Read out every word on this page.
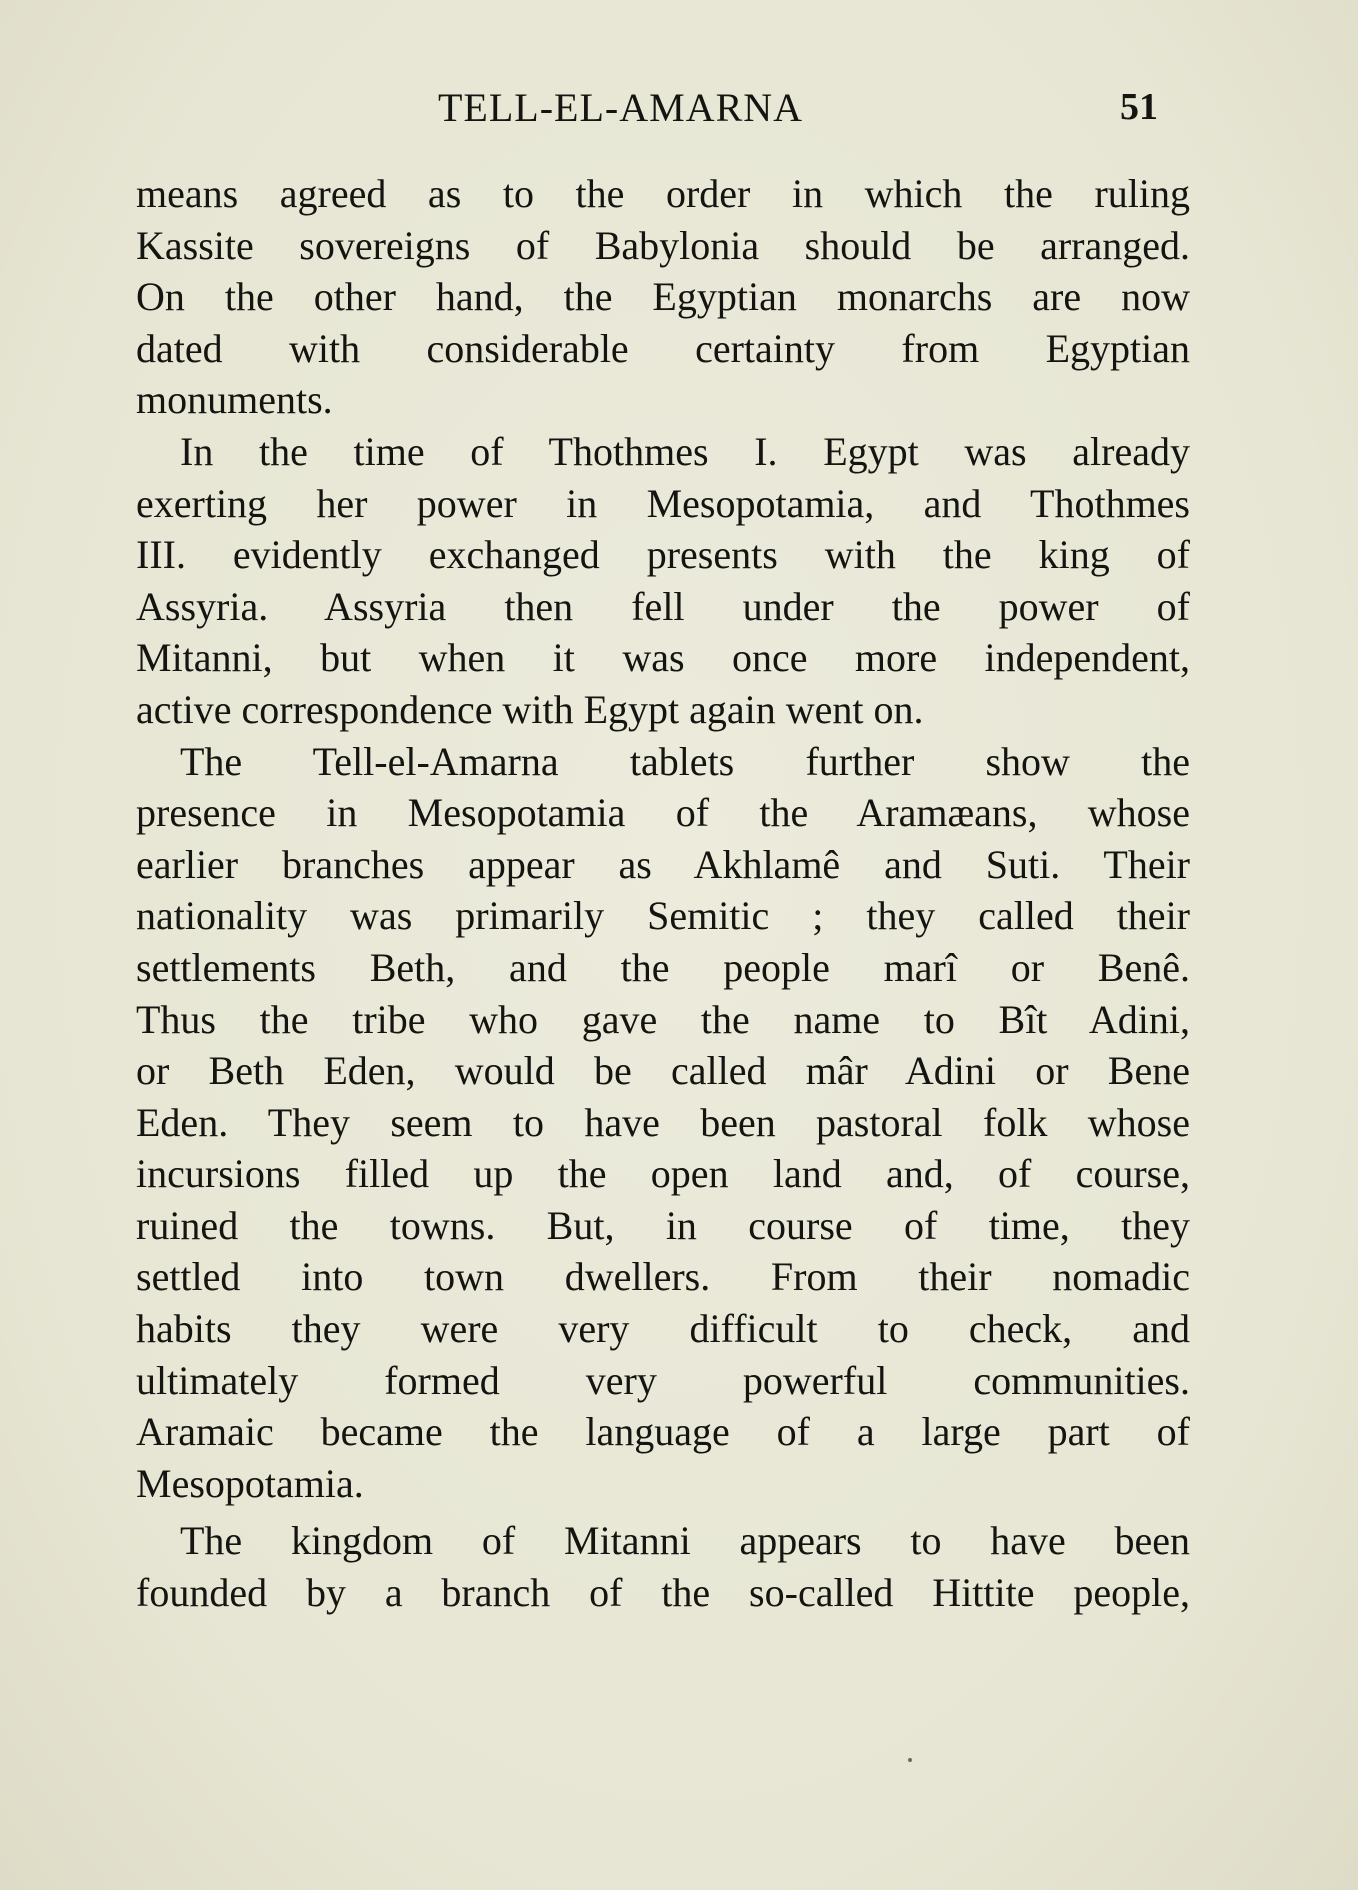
TELL-EL-AMARNA	51
means agreed as to the order in which the ruling
Kassite sovereigns of Babylonia should be arranged.
On the other hand, the Egyptian monarchs are now
dated with considerable certainty from Egyptian
monuments.
In the time of Thothmes I. Egypt was already
exerting her power in Mesopotamia, and Thothmes
III. evidently exchanged presents with the king of
Assyria. Assyria then fell under the power of
Mitanni, but when it was once more independent,
active correspondence with Egypt again went on.
The Tell-el-Amarna tablets further show the
presence in Mesopotamia of the Aramæans, whose
earlier branches appear as Akhlamê and Suti. Their
nationality was primarily Semitic ; they called their
settlements Beth, and the people marî or Benê.
Thus the tribe who gave the name to Bît Adini,
or Beth Eden, would be called mâr Adini or Bene
Eden. They seem to have been pastoral folk whose
incursions filled up the open land and, of course,
ruined the towns. But, in course of time, they
settled into town dwellers. From their nomadic
habits they were very difficult to check, and
ultimately formed very powerful communities.
Aramaic became the language of a large part of
Mesopotamia.
The kingdom of Mitanni appears to have been
founded by a branch of the so-called Hittite people,
